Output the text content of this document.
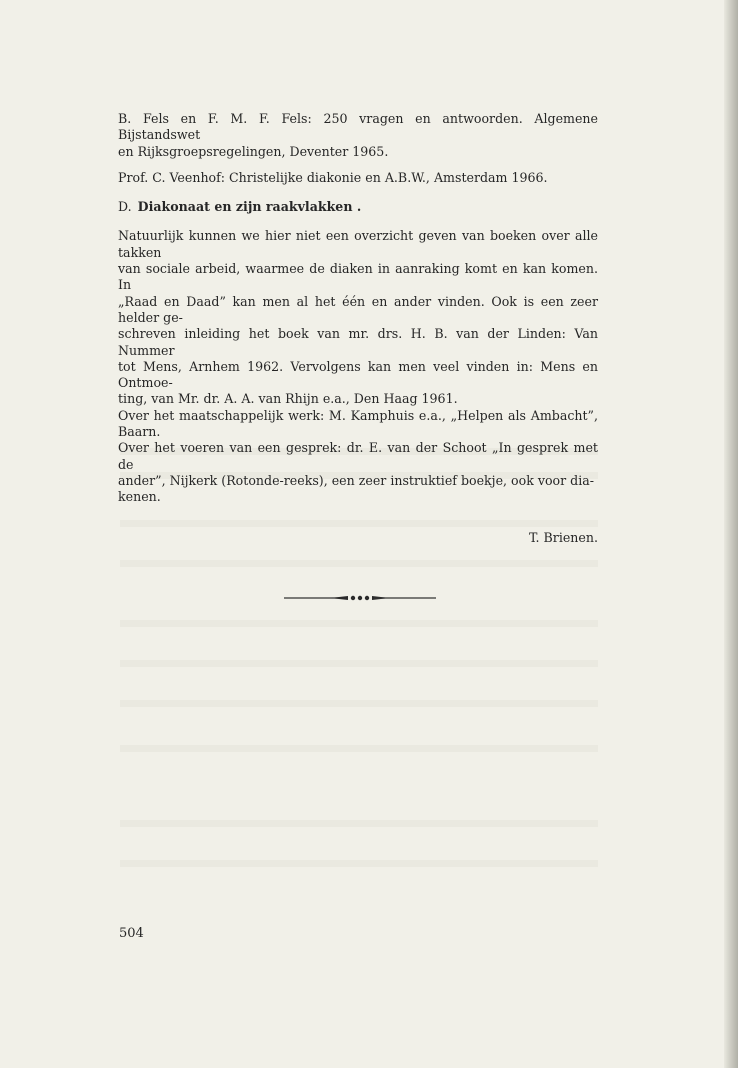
B. Fels en F. M. F. Fels: 250 vragen en antwoorden. Algemene Bijstandswet
en Rijksgroepsregelingen, Deventer 1965.

Prof. C. Veenhof: Christelijke diakonie en A.B.W., Amsterdam 1966.

D. Diakonaat en zijn raakvlakken .

Natuurlijk kunnen we hier niet een overzicht geven van boeken over alle takken
van sociale arbeid, waarmee de diaken in aanraking komt en kan komen. In
„Raad en Daad” kan men al het één en ander vinden. Ook is een zeer helder ge-
schreven inleiding het boek van mr. drs. H. B. van der Linden: Van Nummer
tot Mens, Arnhem 1962. Vervolgens kan men veel vinden in: Mens en Ontmoe-
ting, van Mr. dr. A. A. van Rhijn e.a., Den Haag 1961.
Over het maatschappelijk werk: M. Kamphuis e.a., „Helpen als Ambacht”, Baarn.
Over het voeren van een gesprek: dr. E. van der Schoot „In gesprek met de
ander”, Nijkerk (Rotonde-reeks), een zeer instruktief boekje, ook voor dia-
kenen.

T. Brienen.

504
